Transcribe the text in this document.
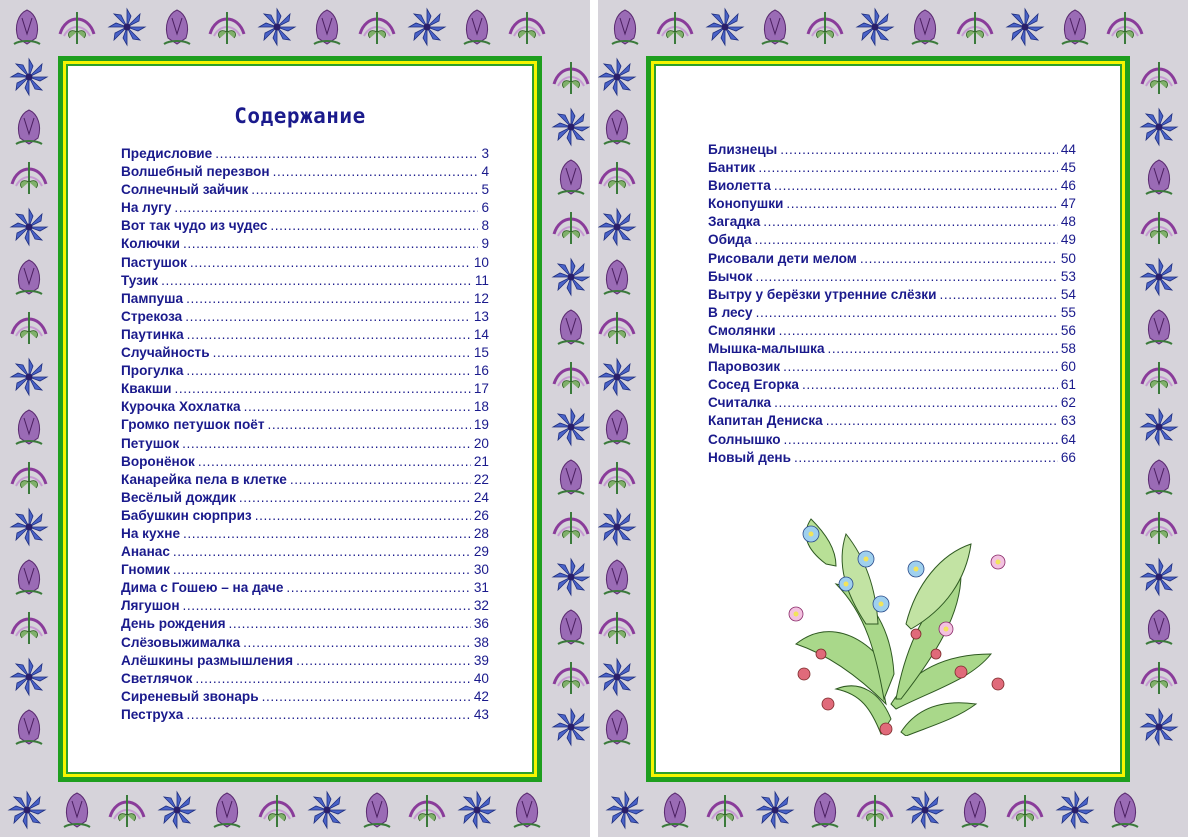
Содержание
Предисловие .....	3
Волшебный перезвон .....	4
Солнечный зайчик .....	5
На лугу .....	6
Вот так чудо из чудес .....	8
Колючки .....	9
Пастушок .....	10
Тузик .....	11
Пампуша .....	12
Стрекоза .....	13
Паутинка .....	14
Случайность .....	15
Прогулка .....	16
Квакши .....	17
Курочка Хохлатка .....	18
Громко петушок поёт .....	19
Петушок .....	20
Воронёнок .....	21
Канарейка пела в клетке .....	22
Весёлый дождик .....	24
Бабушкин сюрприз .....	26
На кухне .....	28
Ананас .....	29
Гномик .....	30
Дима с Гошею – на даче .....	31
Лягушон .....	32
День рождения .....	36
Слёзовыжималка .....	38
Алёшкины размышления .....	39
Светлячок .....	40
Сиреневый звонарь .....	42
Пеструха .....	43
Близнецы .....	44
Бантик .....	45
Виолетта .....	46
Конопушки .....	47
Загадка .....	48
Обида .....	49
Рисовали дети мелом .....	50
Бычок .....	53
Вытру у берёзки утренние слёзки .....	54
В лесу .....	55
Смолянки .....	56
Мышка-малышка .....	58
Паровозик .....	60
Сосед Егорка .....	61
Считалка .....	62
Капитан Дениска .....	63
Солнышко .....	64
Новый день .....	66
